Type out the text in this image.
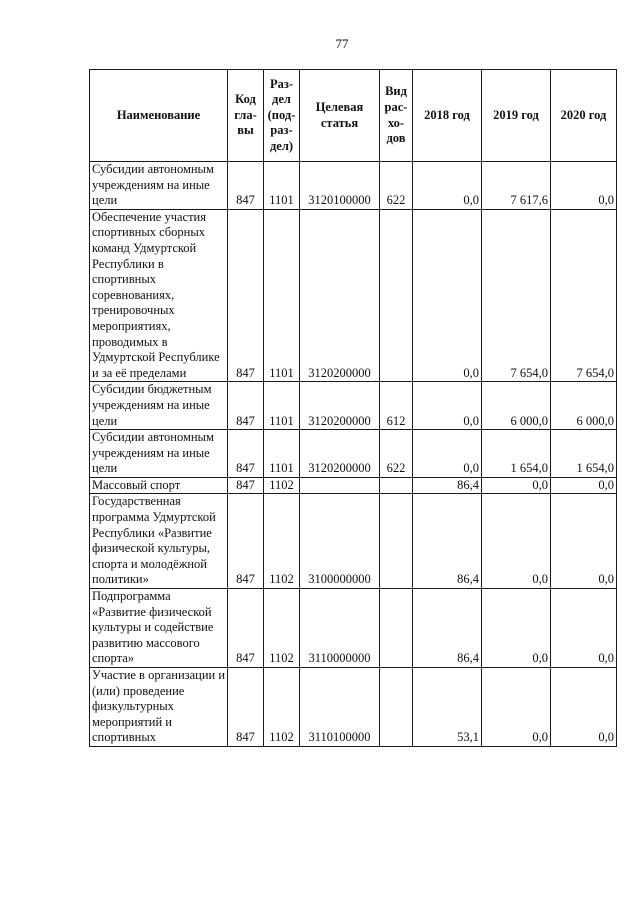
77
Наименование	Код гла-вы	Раз-дел (под-раз-дел)	Целевая статья	Вид рас-хо-дов	2018 год	2019 год	2020 год
Субсидии автономным учреждениям на иные цели	847	1101	3120100000	622	0,0	7 617,6	0,0
Обеспечение участия спортивных сборных команд Удмуртской Республики в спортивных соревнованиях, тренировочных мероприятиях, проводимых в Удмуртской Республике и за её пределами	847	1101	3120200000		0,0	7 654,0	7 654,0
Субсидии бюджетным учреждениям на иные цели	847	1101	3120200000	612	0,0	6 000,0	6 000,0
Субсидии автономным учреждениям на иные цели	847	1101	3120200000	622	0,0	1 654,0	1 654,0
Массовый спорт	847	1102			86,4	0,0	0,0
Государственная программа Удмуртской Республики «Развитие физической культуры, спорта и молодёжной политики»	847	1102	3100000000		86,4	0,0	0,0
Подпрограмма «Развитие физической культуры и содействие развитию массового спорта»	847	1102	3110000000		86,4	0,0	0,0
Участие в организации и (или) проведение физкультурных мероприятий и спортивных	847	1102	3110100000		53,1	0,0	0,0
